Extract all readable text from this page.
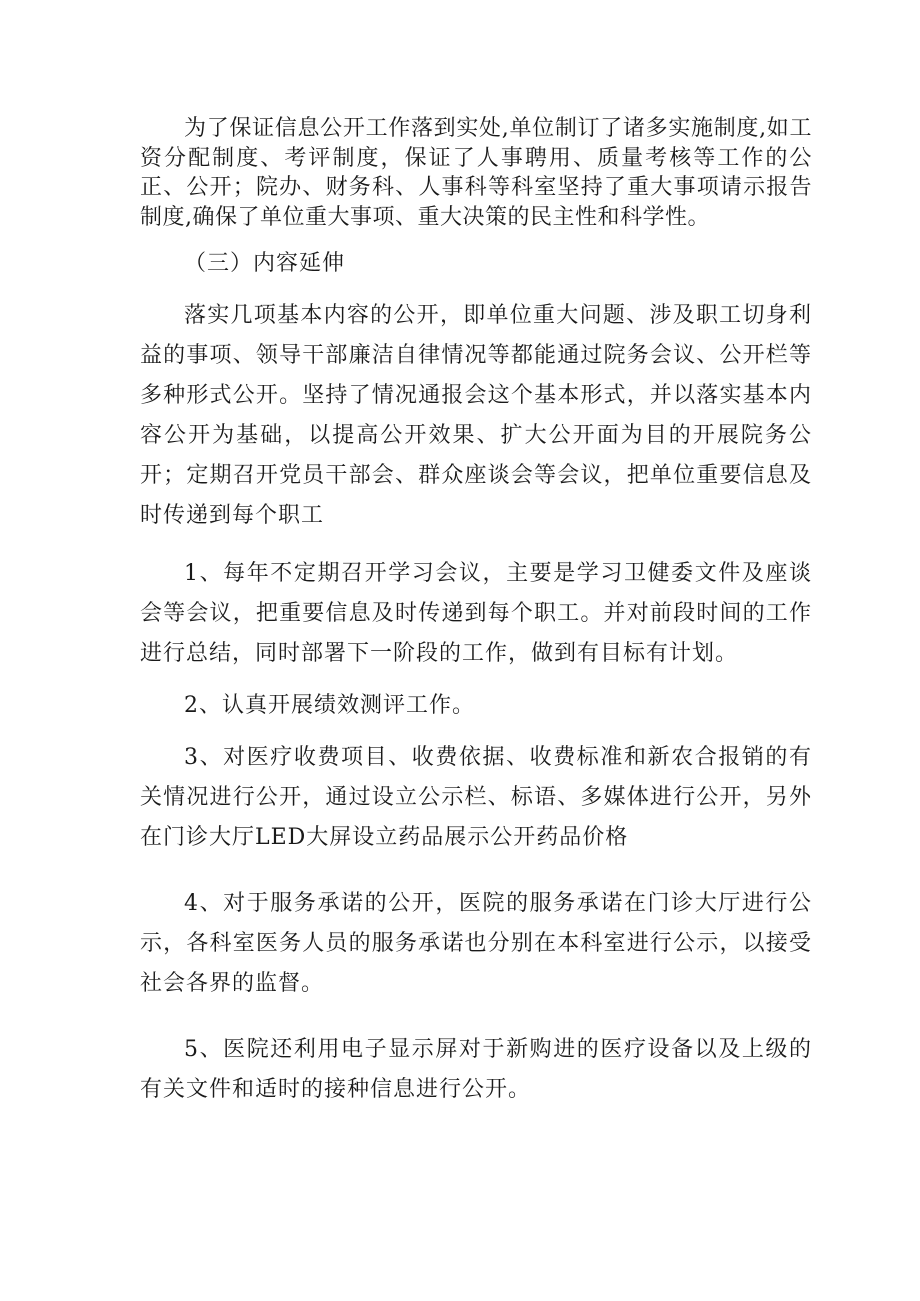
为了保证信息公开工作落到实处,单位制订了诸多实施制度,如工资分配制度、考评制度，保证了人事聘用、质量考核等工作的公正、公开；院办、财务科、人事科等科室坚持了重大事项请示报告制度,确保了单位重大事项、重大决策的民主性和科学性。

（三）内容延伸

落实几项基本内容的公开，即单位重大问题、涉及职工切身利益的事项、领导干部廉洁自律情况等都能通过院务会议、公开栏等多种形式公开。坚持了情况通报会这个基本形式，并以落实基本内容公开为基础，以提高公开效果、扩大公开面为目的开展院务公开；定期召开党员干部会、群众座谈会等会议，把单位重要信息及时传递到每个职工

1、每年不定期召开学习会议，主要是学习卫健委文件及座谈会等会议，把重要信息及时传递到每个职工。并对前段时间的工作进行总结，同时部署下一阶段的工作，做到有目标有计划。

2、认真开展绩效测评工作。

3、对医疗收费项目、收费依据、收费标准和新农合报销的有关情况进行公开，通过设立公示栏、标语、多媒体进行公开，另外在门诊大厅LED大屏设立药品展示公开药品价格

4、对于服务承诺的公开，医院的服务承诺在门诊大厅进行公示，各科室医务人员的服务承诺也分别在本科室进行公示，以接受社会各界的监督。

5、医院还利用电子显示屏对于新购进的医疗设备以及上级的有关文件和适时的接种信息进行公开。
